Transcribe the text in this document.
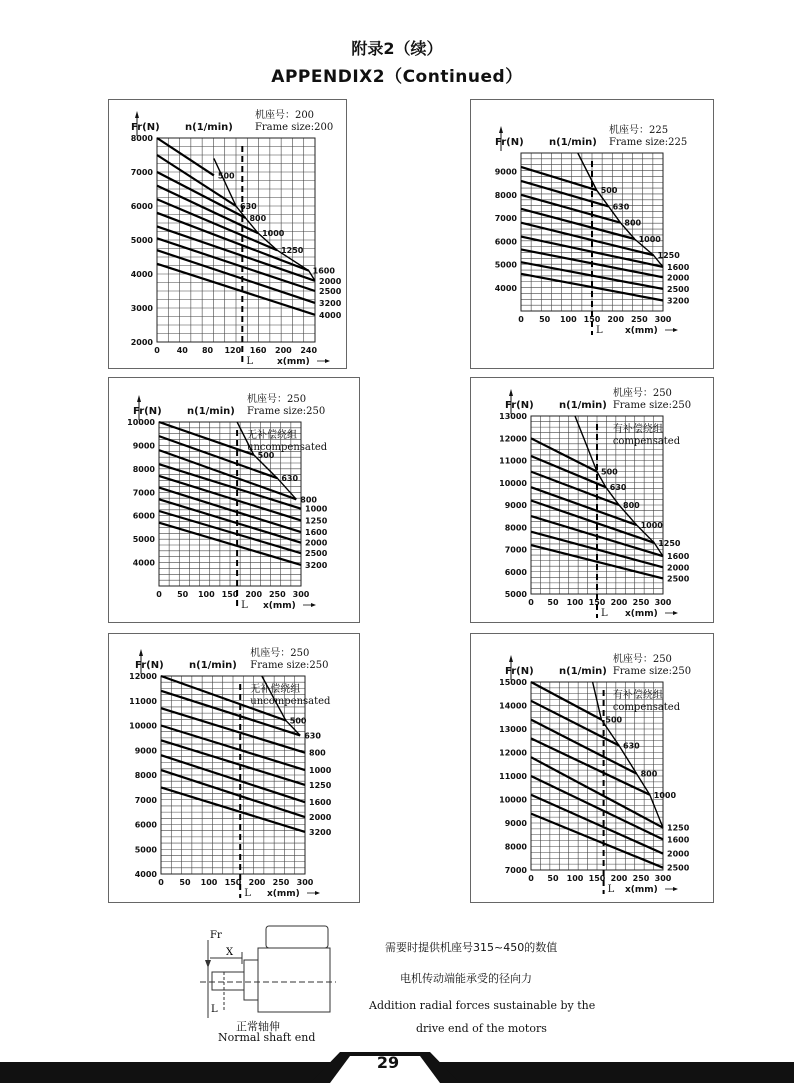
附录2（续）
APPENDIX2（Continued）
Fr(N)
2000
3000
4000
5000
6000
7000
8000
0 40 80 120 160 200 240
x(mm)
n(1/min)
机座号：200
Frame size:200
500
630
800
1000
1250
1600
2000
2500
3200
4000
L
Fr(N)
4000
5000
6000
7000
8000
9000
0 50 100 150 200 250 300
x(mm)
n(1/min)
机座号：225
Frame size:225
500
630
800
1000
1250
1600
2000
2500
3200
L
Fr(N)
4000
5000
6000
7000
8000
9000
10000
0 50 100 150 200 250 300
x(mm)
n(1/min)
机座号：250
Frame size:250
无补偿绕组
uncompensated
500
630
800
1000
1250
1600
2000
2500
3200
L
Fr(N)
5000
6000
7000
8000
9000
10000
11000
12000
13000
0 50 100 150 200 250 300
x(mm)
n(1/min)
机座号：250
Frame size:250
有补偿绕组
compensated
500
630
800
1000
1250
1600
2000
2500
L
Fr(N)
4000
5000
6000
7000
8000
9000
10000
11000
12000
0 50 100 150 200 250 300
x(mm)
n(1/min)
机座号：250
Frame size:250
无补偿绕组
uncompensated
500
630
800
1000
1250
1600
2000
3200
L
Fr(N)
7000
8000
9000
10000
11000
12000
13000
14000
15000
0 50 100 150 200 250 300
x(mm)
n(1/min)
机座号：250
Frame size:250
有补偿绕组
compensated
500
630
800
1000
1250
1600
2000
2500
L
Fr
X
L
正常轴伸
Normal shaft end
需要时提供机座号315~450的数值
电机传动端能承受的径向力
Addition radial forces sustainable by the
drive end of the motors
29
